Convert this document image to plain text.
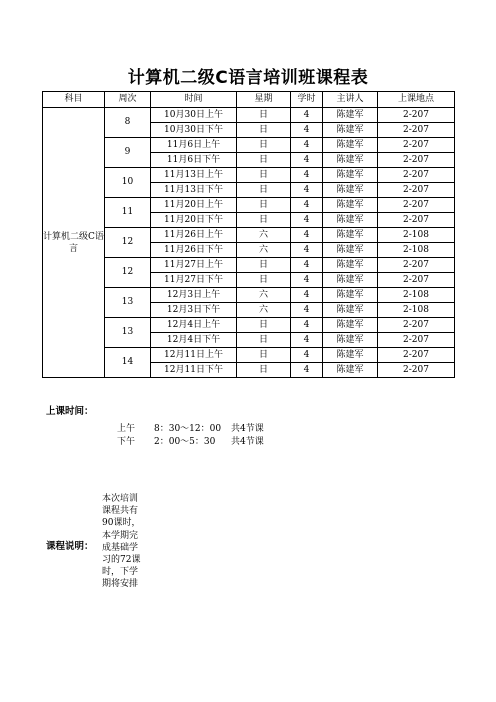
计算机二级C语言培训班课程表
科目	周次	时间	星期	学时	主讲人	上课地点
计算机二级C语言	8	10月30日上午	日	4	陈建军	2-207
		10月30日下午	日	4	陈建军	2-207
	9	11月6日上午	日	4	陈建军	2-207
		11月6日下午	日	4	陈建军	2-207
	10	11月13日上午	日	4	陈建军	2-207
		11月13日下午	日	4	陈建军	2-207
	11	11月20日上午	日	4	陈建军	2-207
		11月20日下午	日	4	陈建军	2-207
	12	11月26日上午	六	4	陈建军	2-108
		11月26日下午	六	4	陈建军	2-108
	12	11月27日上午	日	4	陈建军	2-207
		11月27日下午	日	4	陈建军	2-207
	13	12月3日上午	六	4	陈建军	2-108
		12月3日下午	六	4	陈建军	2-108
	13	12月4日上午	日	4	陈建军	2-207
		12月4日下午	日	4	陈建军	2-207
	14	12月11日上午	日	4	陈建军	2-207
		12月11日下午	日	4	陈建军	2-207
上课时间：
上午 8：30～12：00 共4节课
下午 2：00～5：30 共4节课
课程说明：
本次培训
课程共有
90课时，
本学期完
成基础学
习的72课
时，下学
期将安排
